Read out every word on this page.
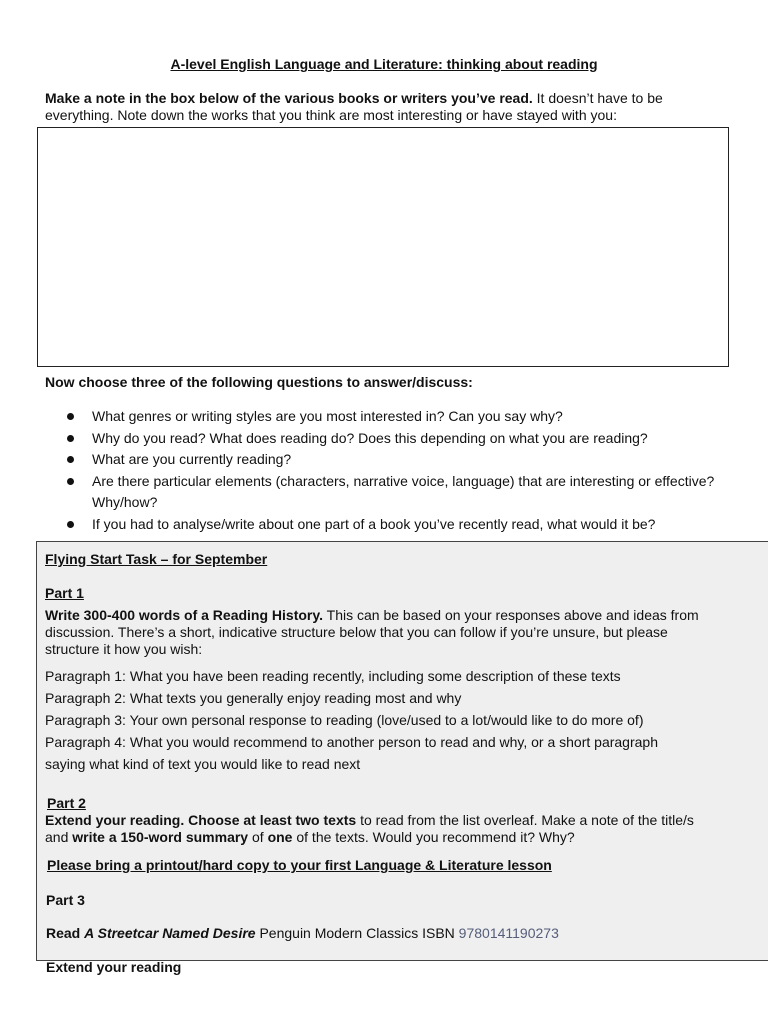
A-level English Language and Literature: thinking about reading
Make a note in the box below of the various books or writers you’ve read. It doesn’t have to be everything. Note down the works that you think are most interesting or have stayed with you:
Now choose three of the following questions to answer/discuss:
What genres or writing styles are you most interested in? Can you say why?
Why do you read? What does reading do? Does this depending on what you are reading?
What are you currently reading?
Are there particular elements (characters, narrative voice, language) that are interesting or effective? Why/how?
If you had to analyse/write about one part of a book you’ve recently read, what would it be?
Flying Start Task – for September
Part 1
Write 300-400 words of a Reading History. This can be based on your responses above and ideas from discussion. There’s a short, indicative structure below that you can follow if you’re unsure, but please structure it how you wish:
Paragraph 1: What you have been reading recently, including some description of these texts
Paragraph 2: What texts you generally enjoy reading most and why
Paragraph 3: Your own personal response to reading (love/used to a lot/would like to do more of)
Paragraph 4: What you would recommend to another person to read and why, or a short paragraph saying what kind of text you would like to read next
Part 2
Extend your reading. Choose at least two texts to read from the list overleaf. Make a note of the title/s and write a 150-word summary of one of the texts. Would you recommend it? Why?
Please bring a printout/hard copy to your first Language & Literature lesson
Part 3
Read A Streetcar Named Desire Penguin Modern Classics ISBN 9780141190273
Extend your reading
